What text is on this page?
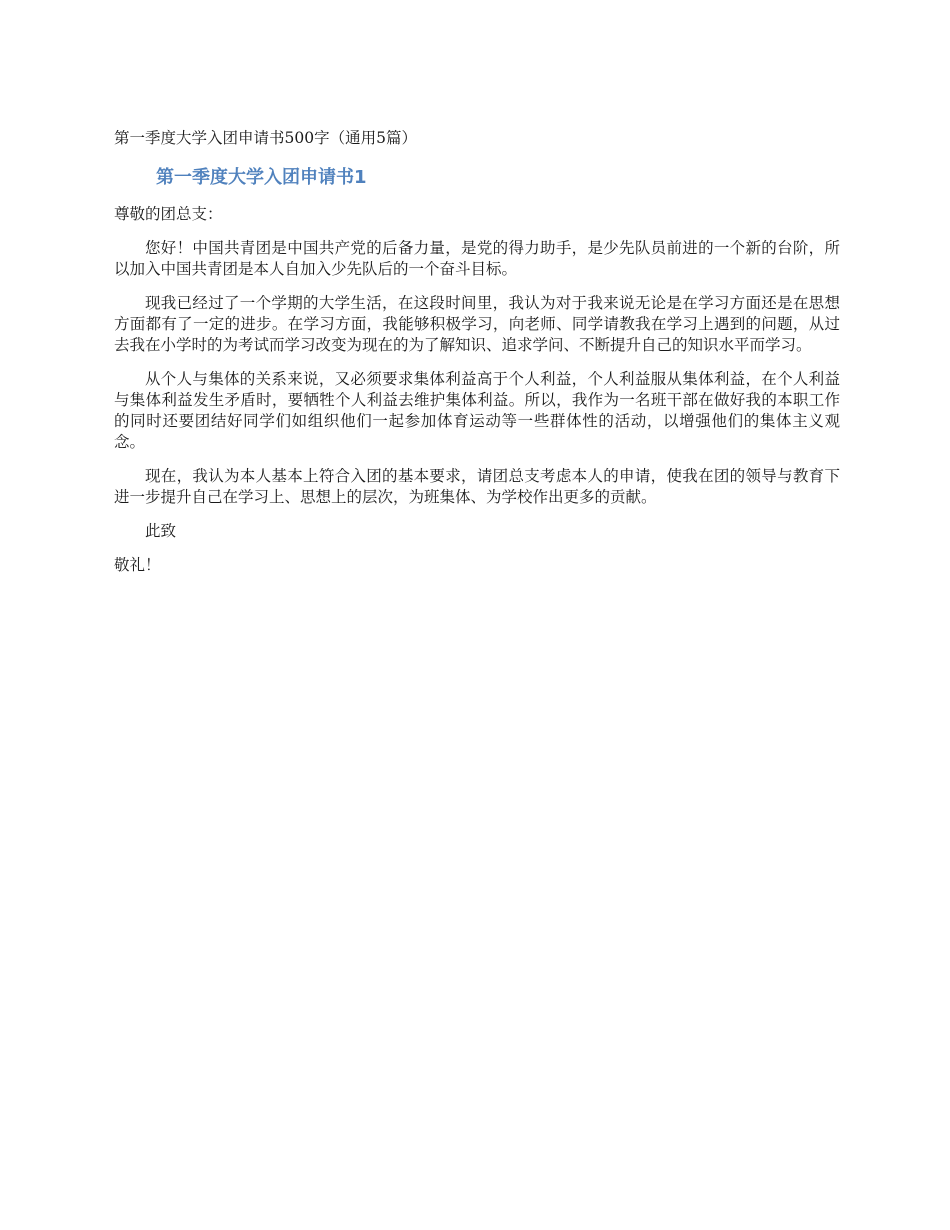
第一季度大学入团申请书500字（通用5篇）

第一季度大学入团申请书1

尊敬的团总支：

您好！中国共青团是中国共产党的后备力量，是党的得力助手，是少先队员前进的一个新的台阶，所以加入中国共青团是本人自加入少先队后的一个奋斗目标。

现我已经过了一个学期的大学生活，在这段时间里，我认为对于我来说无论是在学习方面还是在思想方面都有了一定的进步。在学习方面，我能够积极学习，向老师、同学请教我在学习上遇到的问题，从过去我在小学时的为考试而学习改变为现在的为了解知识、追求学问、不断提升自己的知识水平而学习。

从个人与集体的关系来说，又必须要求集体利益高于个人利益，个人利益服从集体利益，在个人利益与集体利益发生矛盾时，要牺牲个人利益去维护集体利益。所以，我作为一名班干部在做好我的本职工作的同时还要团结好同学们如组织他们一起参加体育运动等一些群体性的活动，以增强他们的集体主义观念。

现在，我认为本人基本上符合入团的基本要求，请团总支考虑本人的申请，使我在团的领导与教育下进一步提升自己在学习上、思想上的层次，为班集体、为学校作出更多的贡献。

此致

敬礼！
